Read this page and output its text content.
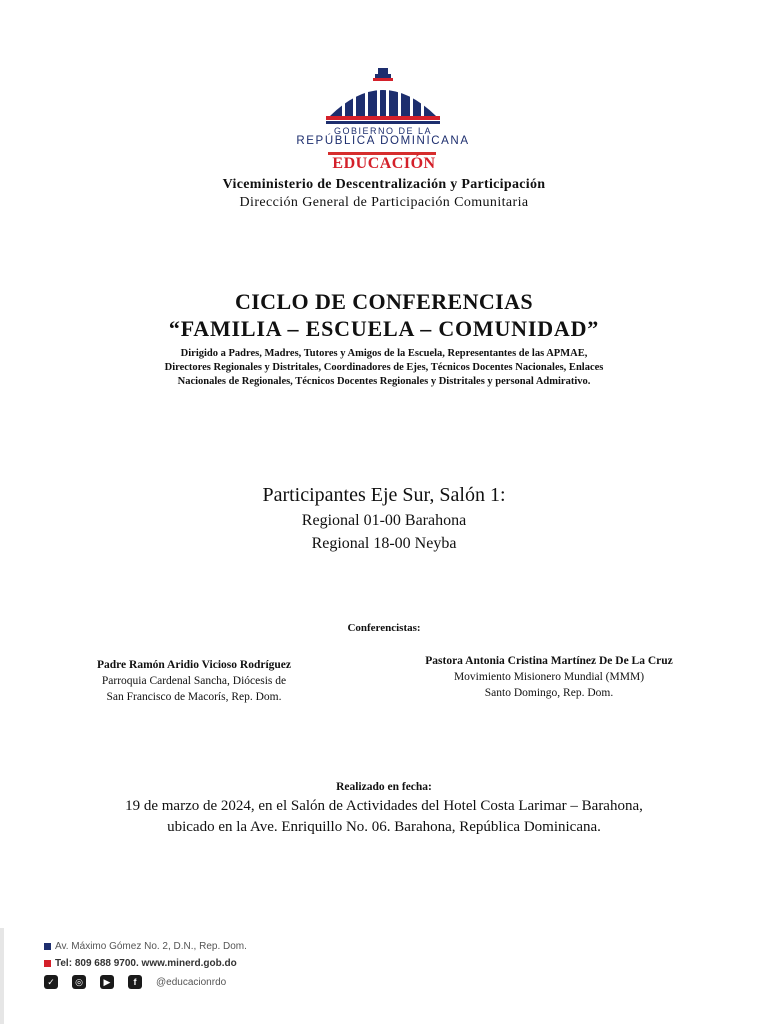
GOBIERNO DE LA
REPÚBLICA DOMINICANA
EDUCACIÓN
Viceministerio de Descentralización y Participación
Dirección General de Participación Comunitaria
CICLO DE CONFERENCIAS
“FAMILIA – ESCUELA – COMUNIDAD”
Dirigido a Padres, Madres, Tutores y Amigos de la Escuela, Representantes de las APMAE,
Directores Regionales y Distritales, Coordinadores de Ejes, Técnicos Docentes Nacionales, Enlaces
Nacionales de Regionales, Técnicos Docentes Regionales y Distritales y personal Admirativo.
Participantes Eje Sur, Salón 1:
Regional 01-00 Barahona
Regional 18-00 Neyba
Conferencistas:
Padre Ramón Aridio Vicioso Rodríguez
Parroquia Cardenal Sancha, Diócesis de
San Francisco de Macorís, Rep. Dom.
Pastora Antonia Cristina Martínez De De La Cruz
Movimiento Misionero Mundial (MMM)
Santo Domingo, Rep. Dom.
Realizado en fecha:
19 de marzo de 2024, en el Salón de Actividades del Hotel Costa Larimar – Barahona,
ubicado en la Ave. Enriquillo No. 06. Barahona, República Dominicana.
Av. Máximo Gómez No. 2, D.N., Rep. Dom.
Tel: 809 688 9700. www.minerd.gob.do
✓	◎	▶	f	@educacionrdo
